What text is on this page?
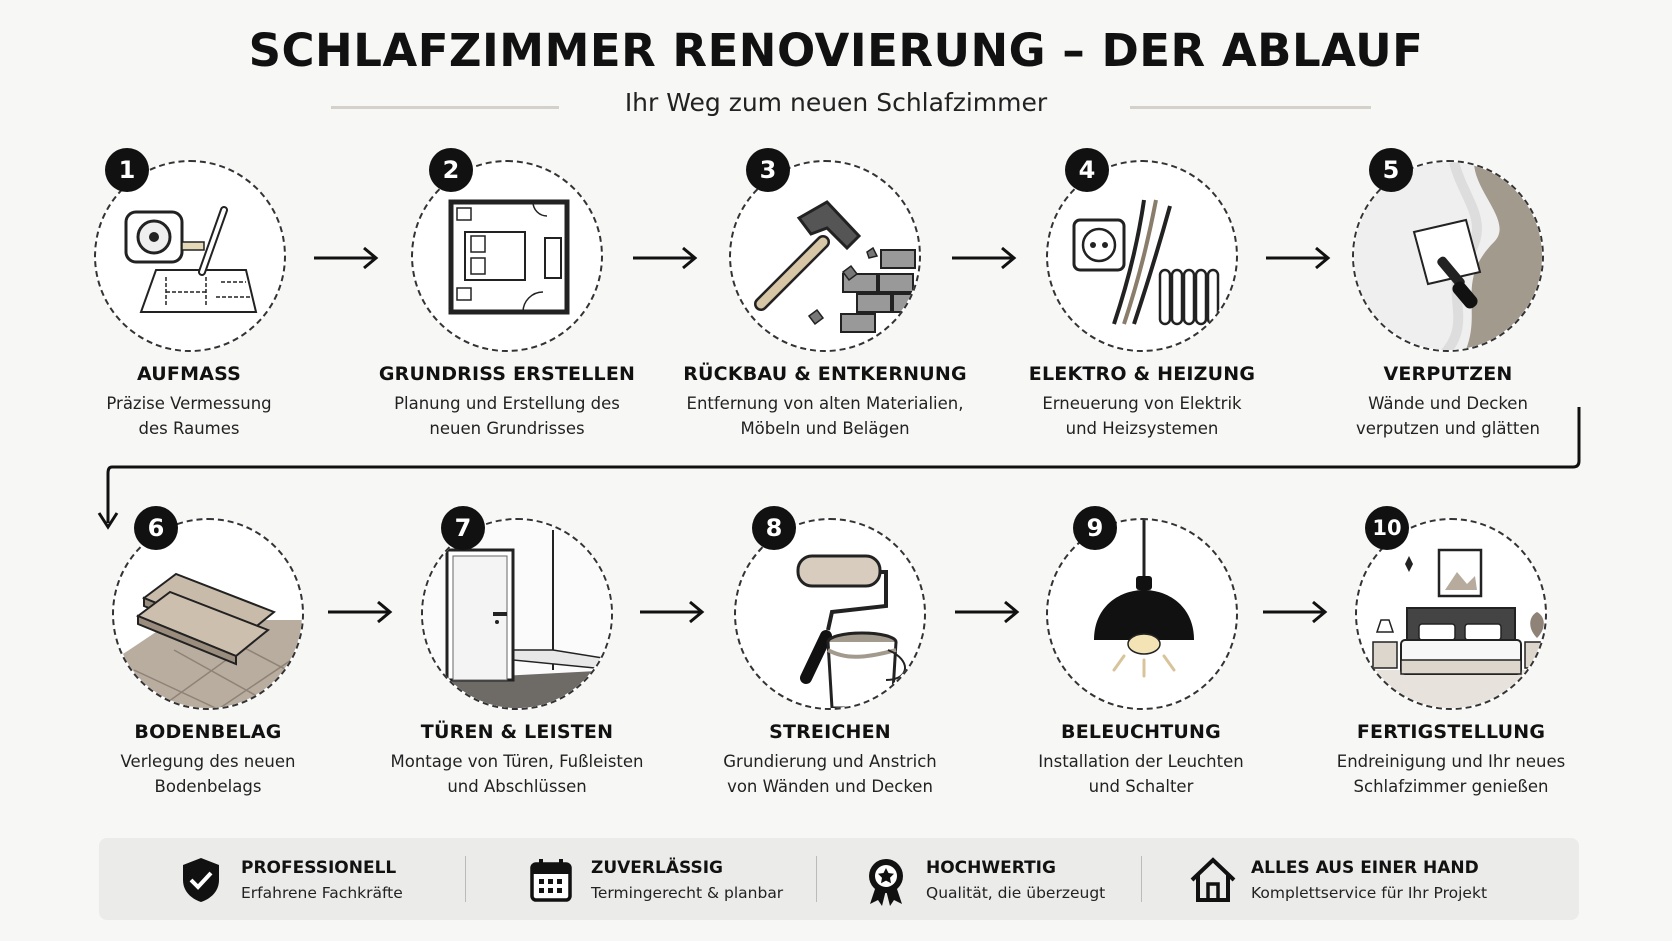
SCHLAFZIMMER RENOVIERUNG – DER ABLAUF
Ihr Weg zum neuen Schlafzimmer
1
AUFMASS
Präzise Vermessung
des Raumes
2
GRUNDRISS ERSTELLEN
Planung und Erstellung des
neuen Grundrisses
3
RÜCKBAU & ENTKERNUNG
Entfernung von alten Materialien,
Möbeln und Belägen
4
ELEKTRO & HEIZUNG
Erneuerung von Elektrik
und Heizsystemen
5
VERPUTZEN
Wände und Decken
verputzen und glätten
6
BODENBELAG
Verlegung des neuen
Bodenbelags
7
TÜREN & LEISTEN
Montage von Türen, Fußleisten
und Abschlüssen
8
STREICHEN
Grundierung und Anstrich
von Wänden und Decken
9
BELEUCHTUNG
Installation der Leuchten
und Schalter
10
FERTIGSTELLUNG
Endreinigung und Ihr neues
Schlafzimmer genießen
PROFESSIONELL
Erfahrene Fachkräfte
ZUVERLÄSSIG
Termingerecht & planbar
HOCHWERTIG
Qualität, die überzeugt
ALLES AUS EINER HAND
Komplettservice für Ihr Projekt
